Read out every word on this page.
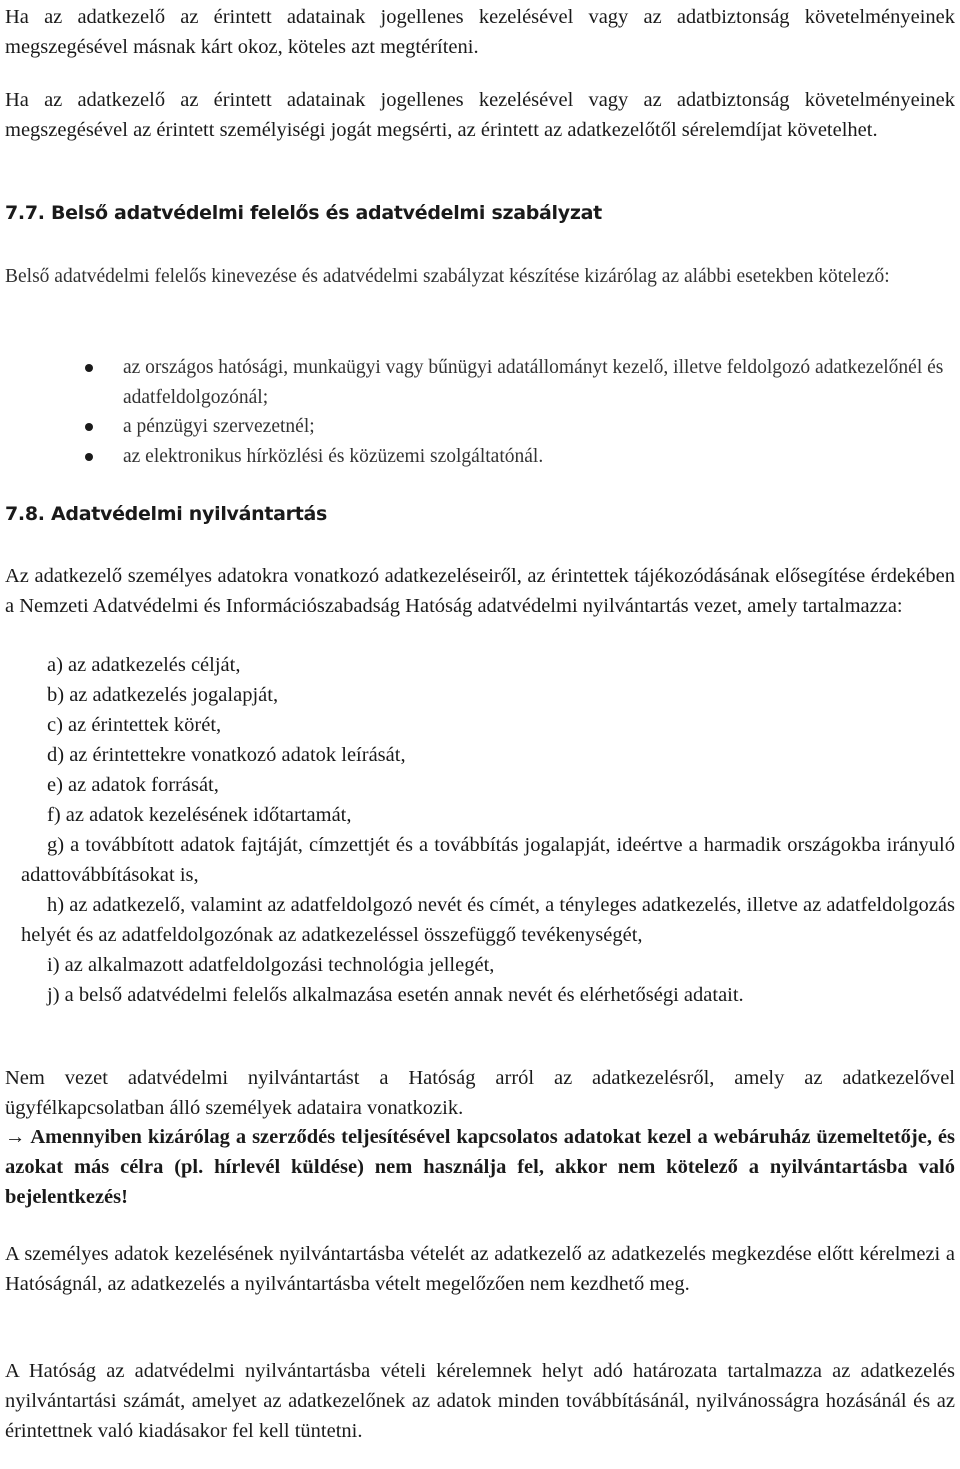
Ha az adatkezelő az érintett adatainak jogellenes kezelésével vagy az adatbiztonság követelményeinek megszegésével másnak kárt okoz, köteles azt megtéríteni.

Ha az adatkezelő az érintett adatainak jogellenes kezelésével vagy az adatbiztonság követelményeinek megszegésével az érintett személyiségi jogát megsérti, az érintett az adatkezelőtől sérelemdíjat követelhet.

7.7. Belső adatvédelmi felelős és adatvédelmi szabályzat

Belső adatvédelmi felelős kinevezése és adatvédelmi szabályzat készítése kizárólag az alábbi esetekben kötelező:

az országos hatósági, munkaügyi vagy bűnügyi adatállományt kezelő, illetve feldolgozó adatkezelőnél és adatfeldolgozónál;
a pénzügyi szervezetnél;
az elektronikus hírközlési és közüzemi szolgáltatónál.
7.8. Adatvédelmi nyilvántartás

Az adatkezelő személyes adatokra vonatkozó adatkezeléseiről, az érintettek tájékozódásának elősegítése érdekében a Nemzeti Adatvédelmi és Információszabadság Hatóság adatvédelmi nyilvántartás vezet, amely tartalmazza:

a) az adatkezelés célját,
b) az adatkezelés jogalapját,
c) az érintettek körét,
d) az érintettekre vonatkozó adatok leírását,
e) az adatok forrását,
f) az adatok kezelésének időtartamát,
g) a továbbított adatok fajtáját, címzettjét és a továbbítás jogalapját, ideértve a harmadik országokba irányuló adattovábbításokat is,
h) az adatkezelő, valamint az adatfeldolgozó nevét és címét, a tényleges adatkezelés, illetve az adatfeldolgozás helyét és az adatfeldolgozónak az adatkezeléssel összefüggő tevékenységét,
i) az alkalmazott adatfeldolgozási technológia jellegét,
j) a belső adatvédelmi felelős alkalmazása esetén annak nevét és elérhetőségi adatait.

Nem vezet adatvédelmi nyilvántartást a Hatóság arról az adatkezelésről, amely az adatkezelővel ügyfélkapcsolatban álló személyek adataira vonatkozik.

→ Amennyiben kizárólag a szerződés teljesítésével kapcsolatos adatokat kezel a webáruház üzemeltetője, és azokat más célra (pl. hírlevél küldése) nem használja fel, akkor nem kötelező a nyilvántartásba való bejelentkezés!

A személyes adatok kezelésének nyilvántartásba vételét az adatkezelő az adatkezelés megkezdése előtt kérelmezi a Hatóságnál, az adatkezelés a nyilvántartásba vételt megelőzően nem kezdhető meg.

A Hatóság az adatvédelmi nyilvántartásba vételi kérelemnek helyt adó határozata tartalmazza az adatkezelés nyilvántartási számát, amelyet az adatkezelőnek az adatok minden továbbításánál, nyilvánosságra hozásánál és az érintettnek való kiadásakor fel kell tüntetni.
